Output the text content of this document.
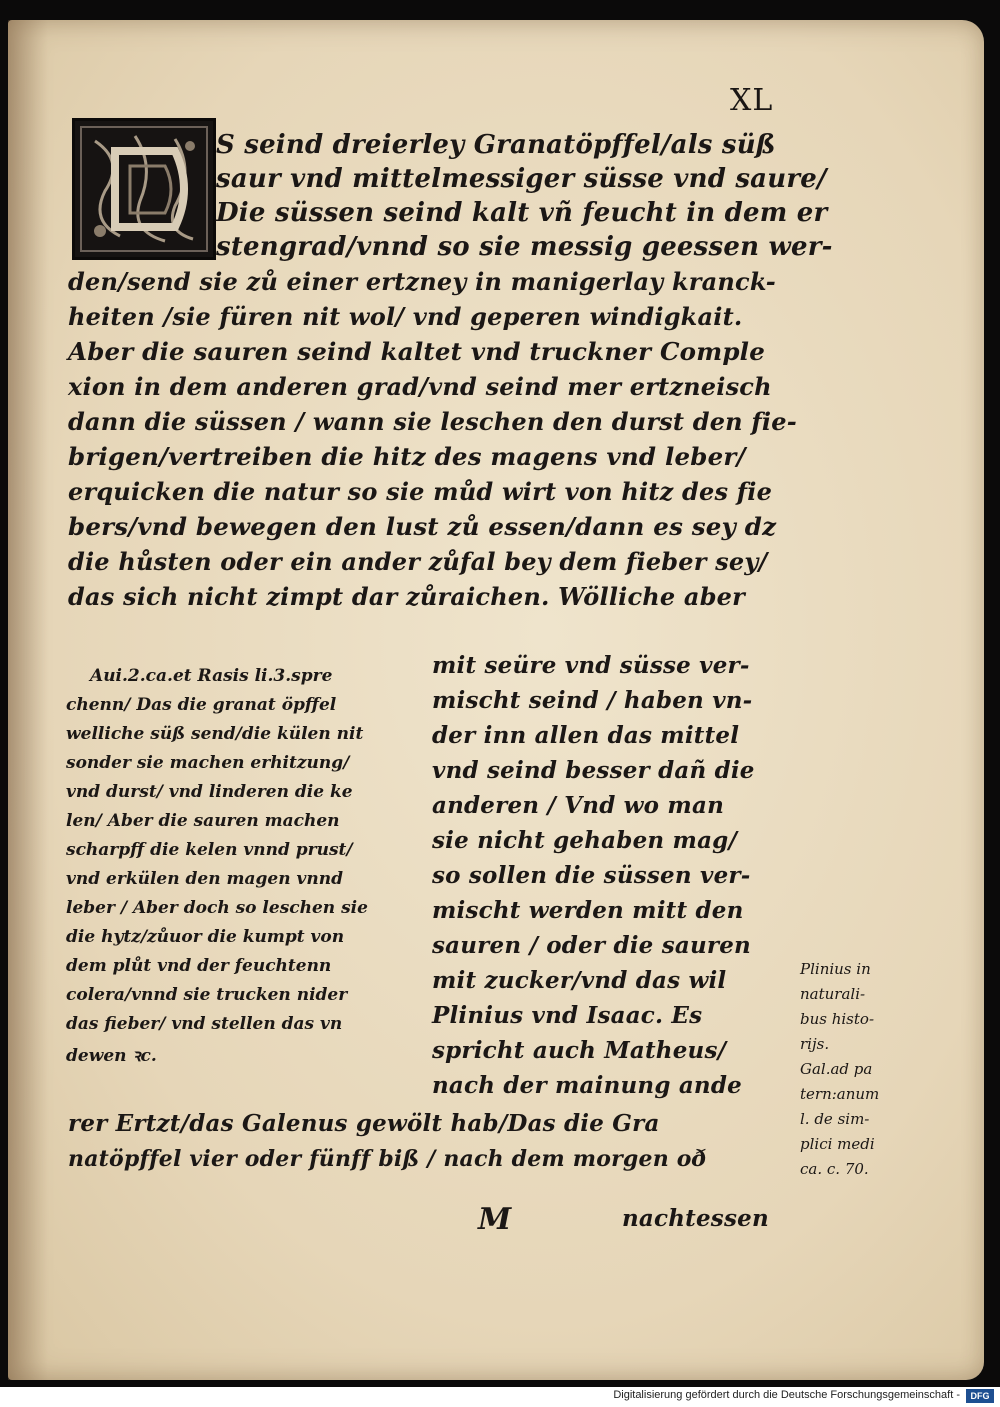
XL
S seind dreierley Granatöpffel/als süß
saur vnd mittelmessiger süsse vnd saure/
Die süssen seind kalt vñ feucht in dem er
stengrad/vnnd so sie messig geessen wer-
den/send sie zů einer ertzney in manigerlay kranck-
heiten /sie füren nit wol/ vnd geperen windigkait.
Aber die sauren seind kaltet vnd truckner Comple
xion in dem anderen grad/vnd seind mer ertzneisch
dann die süssen / wann sie leschen den durst den fie-
brigen/vertreiben die hitz des magens vnd leber/
erquicken die natur so sie můd wirt von hitz des fie
bers/vnd bewegen den lust zů essen/dann es sey dz
die hůsten oder ein ander zůfal bey dem fieber sey/
das sich nicht zimpt dar zůraichen. Wölliche aber
Aui.2.ca.et Rasis li.3.spre
chenn/ Das die granat öpffel
welliche süß send/die külen nit
sonder sie machen erhitzung/
vnd durst/ vnd linderen die ke
len/ Aber die sauren machen
scharpff die kelen vnnd prust/
vnd erkülen den magen vnnd
leber / Aber doch so leschen sie
die hytz/zůuor die kumpt von
dem plůt vnd der feuchtenn
colera/vnnd sie trucken nider
das fieber/ vnd stellen das vn
dewen ꝛc.
mit seüre vnd süsse ver-
mischt seind / haben vn-
der inn allen das mittel
vnd seind besser dañ die
anderen / Vnd wo man
sie nicht gehaben mag/
so sollen die süssen ver-
mischt werden mitt den
sauren / oder die sauren
mit zucker/vnd das wil
Plinius vnd Isaac. Es
spricht auch Matheus/
nach der mainung ande
rer Ertzt/das Galenus gewölt hab/Das die Gra
natöpffel vier oder fünff biß / nach dem morgen oð
nachtessen
M
Plinius in
naturali-
bus histo-
rijs.
Gal.ad pa
tern:anum
l. de sim-
plici medi
ca. c. 70.
Digitalisierung gefördert durch die Deutsche Forschungsgemeinschaft -	DFG
